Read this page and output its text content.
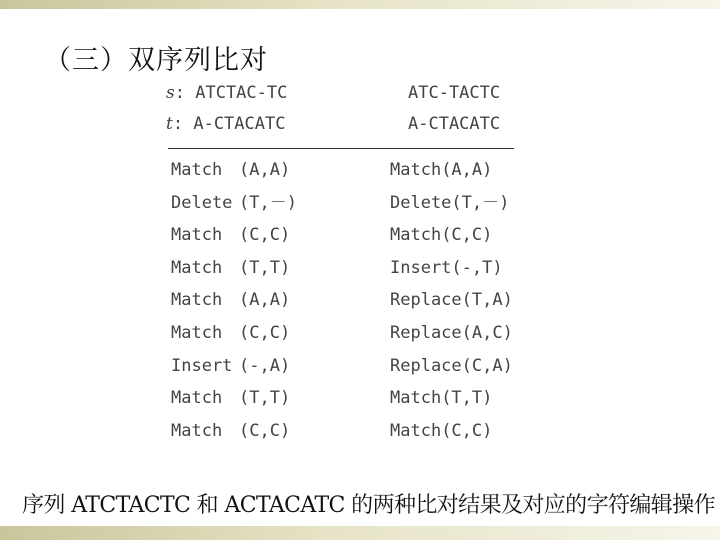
（三）双序列比对
s: ATCTAC-TC
t: A-CTACATC
ATC-TACTC
A-CTACATC
Match (A,A)
Delete (T,－)
Match (C,C)
Match (T,T)
Match (A,A)
Match (C,C)
Insert (-,A)
Match (T,T)
Match (C,C)
Match(A,A)
Delete(T,－)
Match(C,C)
Insert(-,T)
Replace(T,A)
Replace(A,C)
Replace(C,A)
Match(T,T)
Match(C,C)
序列 ATCTACTC 和 ACTACATC 的两种比对结果及对应的字符编辑操作
